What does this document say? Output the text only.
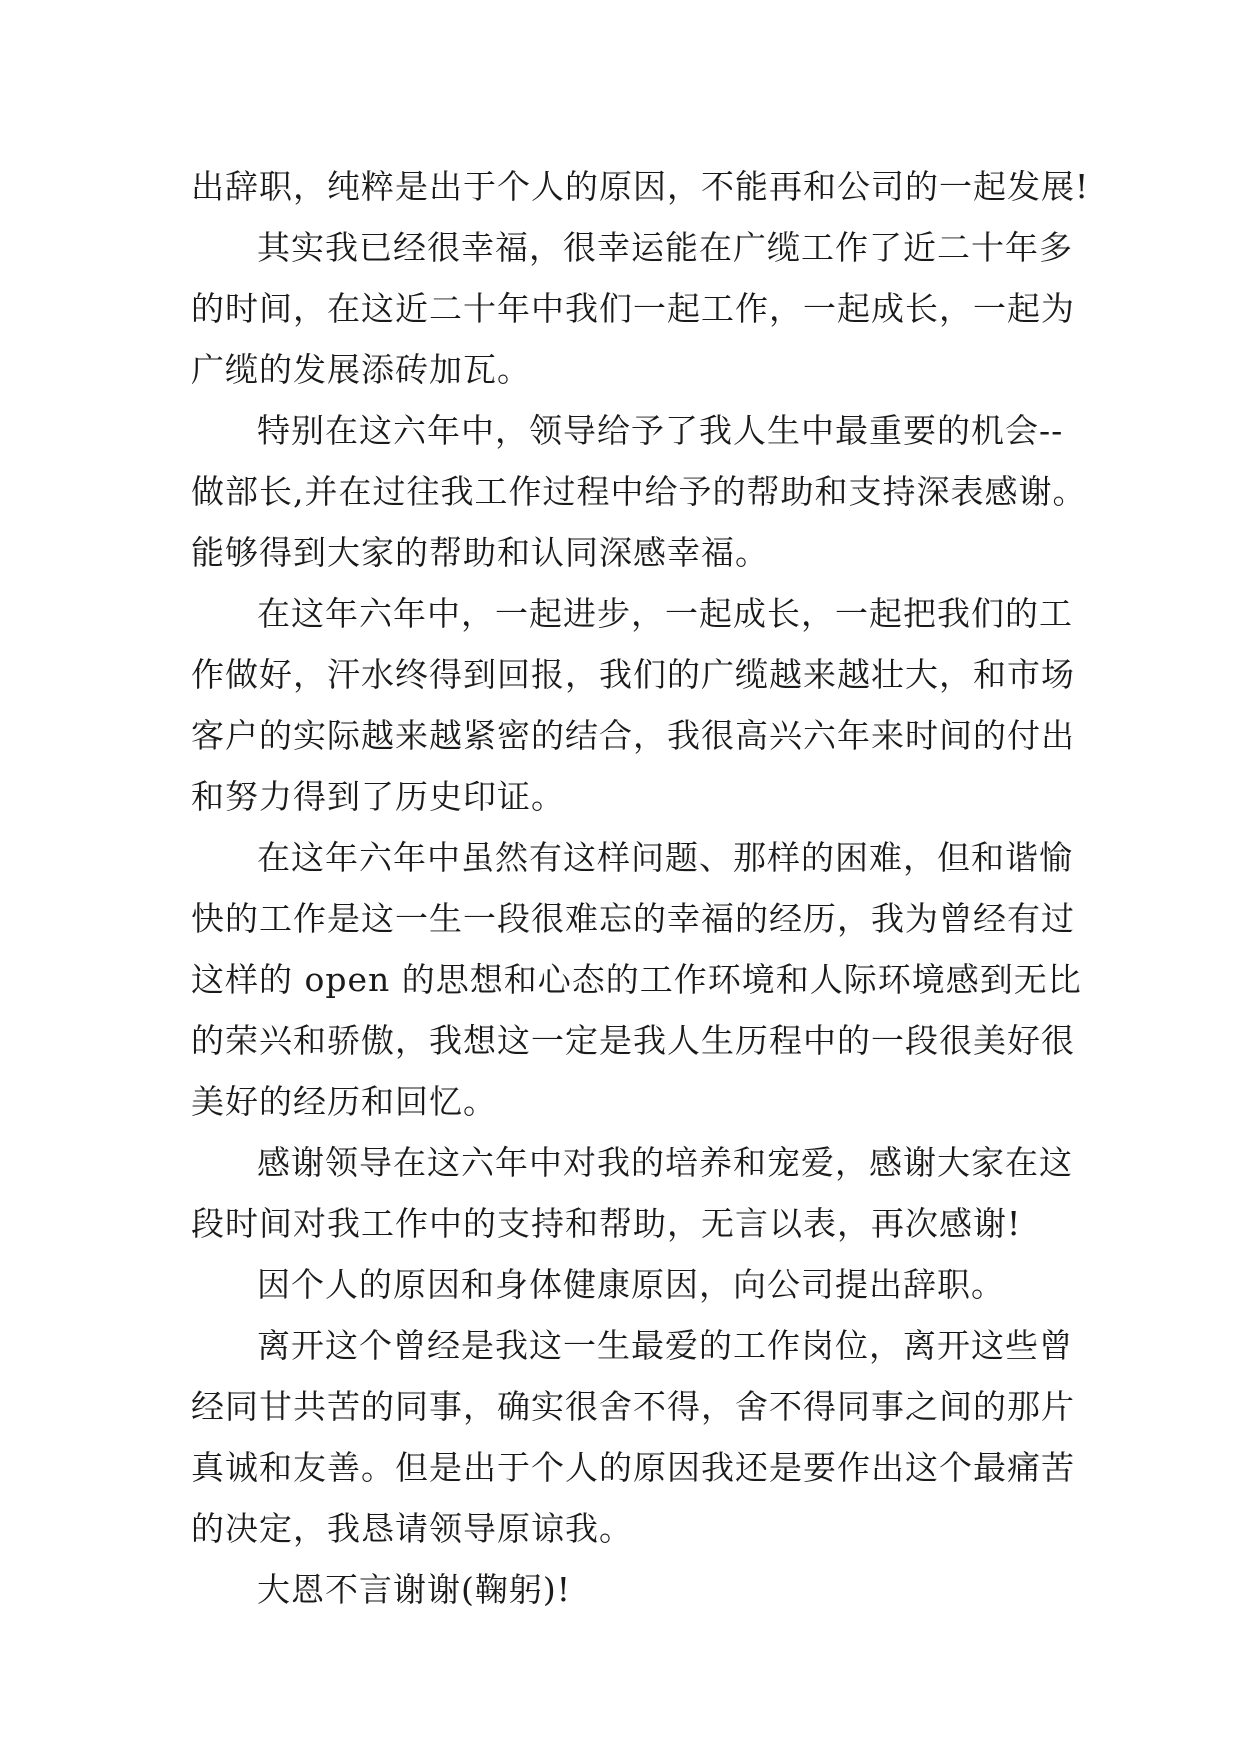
出辞职，纯粹是出于个人的原因，不能再和公司的一起发展!

其实我已经很幸福，很幸运能在广缆工作了近二十年多

的时间，在这近二十年中我们一起工作，一起成长，一起为

广缆的发展添砖加瓦。

特别在这六年中，领导给予了我人生中最重要的机会--

做部长,并在过往我工作过程中给予的帮助和支持深表感谢。

能够得到大家的帮助和认同深感幸福。

在这年六年中，一起进步，一起成长，一起把我们的工

作做好，汗水终得到回报，我们的广缆越来越壮大，和市场

客户的实际越来越紧密的结合，我很高兴六年来时间的付出

和努力得到了历史印证。

在这年六年中虽然有这样问题、那样的困难，但和谐愉

快的工作是这一生一段很难忘的幸福的经历，我为曾经有过

这样的 open 的思想和心态的工作环境和人际环境感到无比

的荣兴和骄傲，我想这一定是我人生历程中的一段很美好很

美好的经历和回忆。

感谢领导在这六年中对我的培养和宠爱，感谢大家在这

段时间对我工作中的支持和帮助，无言以表，再次感谢!

因个人的原因和身体健康原因，向公司提出辞职。

离开这个曾经是我这一生最爱的工作岗位，离开这些曾

经同甘共苦的同事，确实很舍不得，舍不得同事之间的那片

真诚和友善。但是出于个人的原因我还是要作出这个最痛苦

的决定，我恳请领导原谅我。

大恩不言谢谢(鞠躬)!
